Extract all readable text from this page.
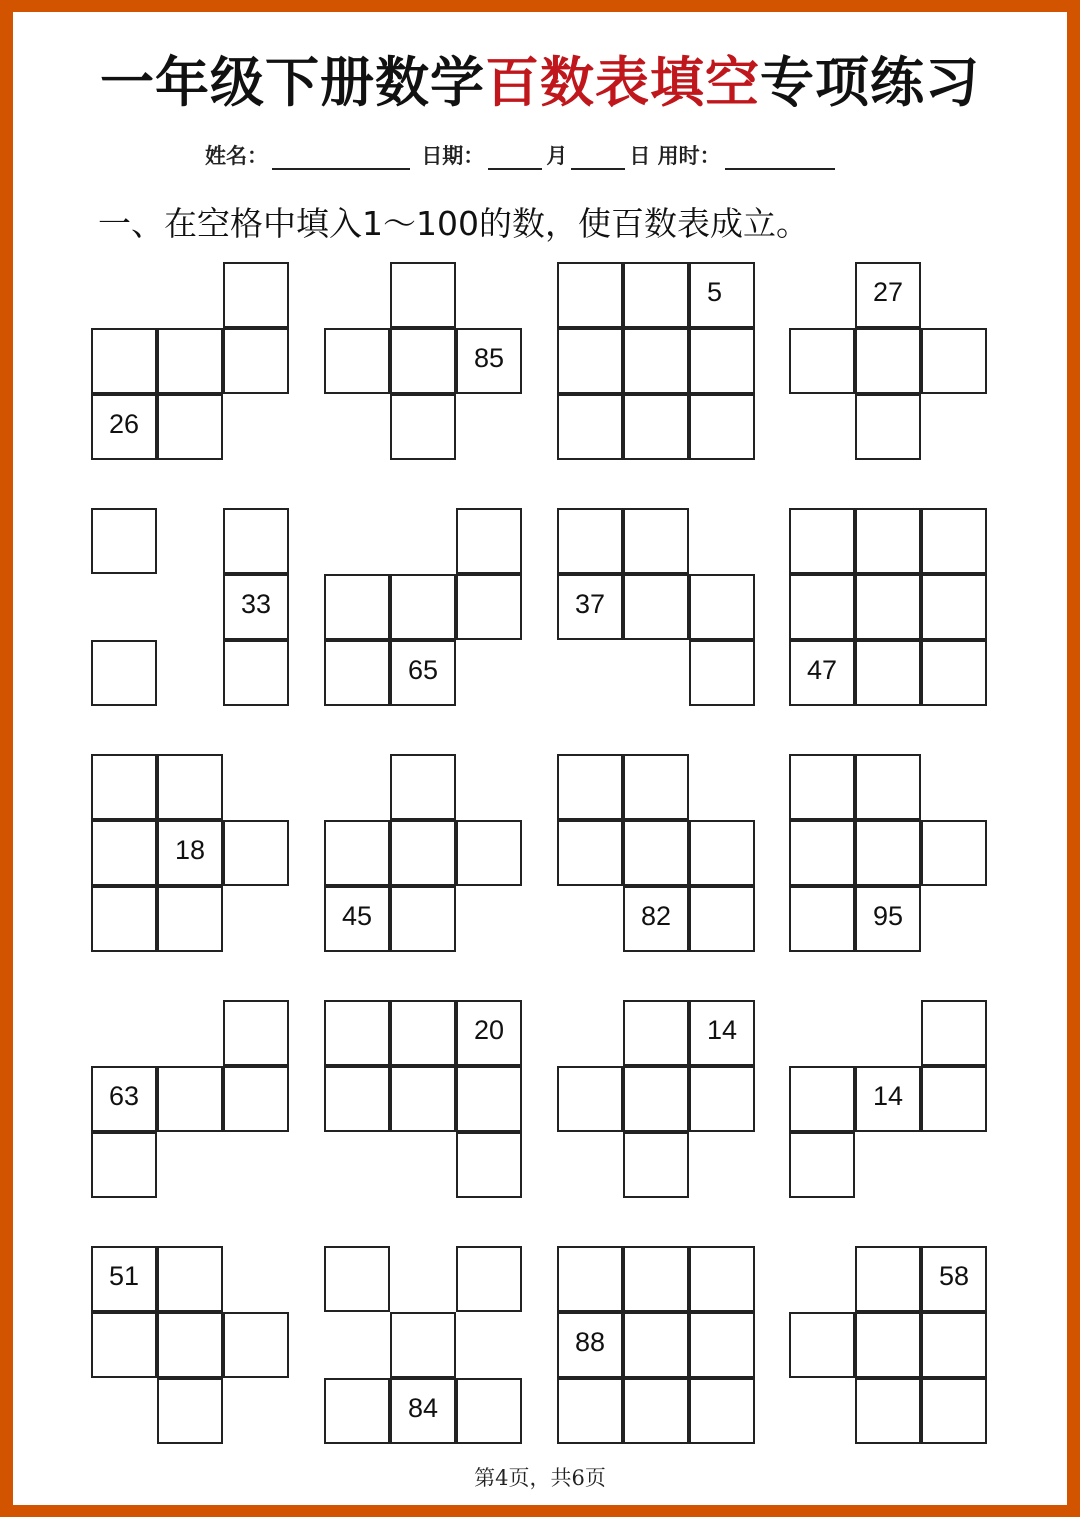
一年级下册数学百数表填空专项练习
姓名：	日期：	月	日 用时：
一、在空格中填入1～100的数，使百数表成立。
26
85
5	27
33
65
37
47
18
45	82	95
63
20	14
14
51
84
88
58
第4页，共6页
